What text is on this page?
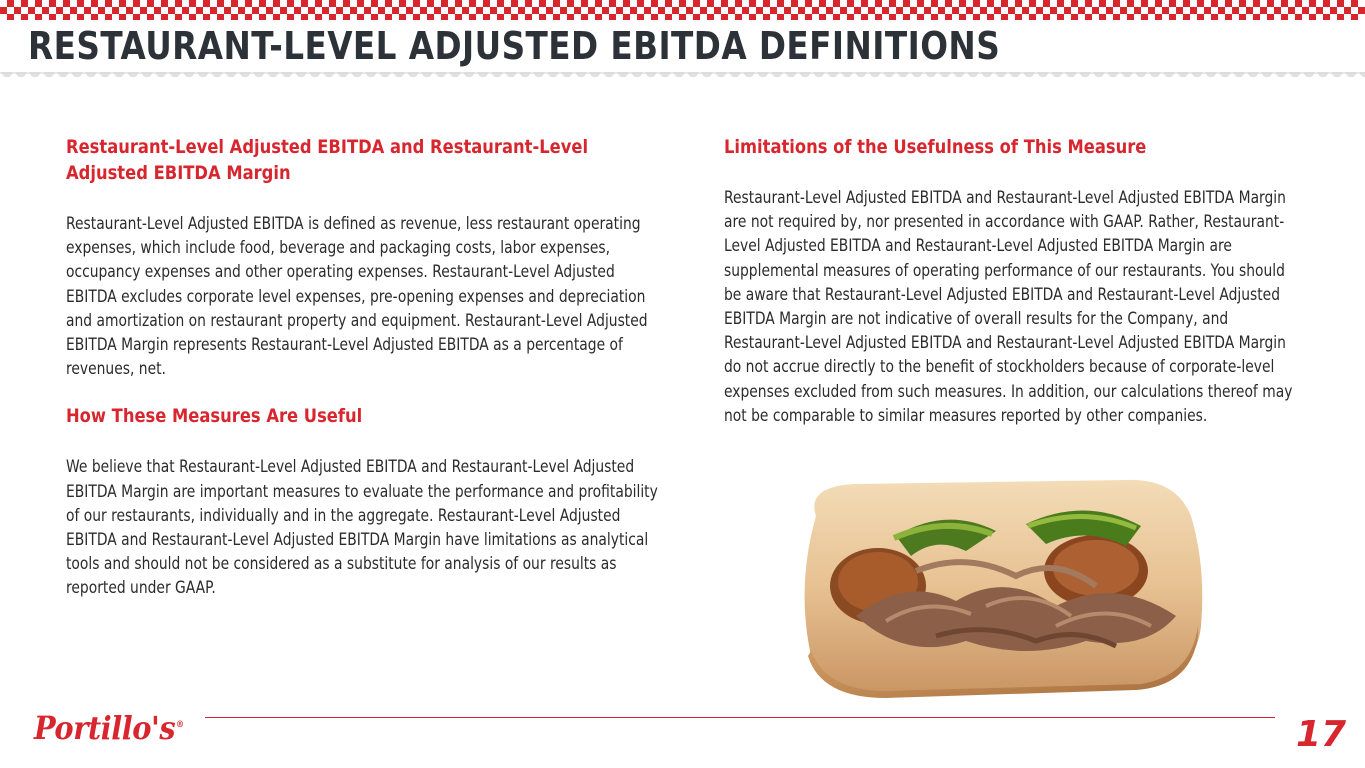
RESTAURANT-LEVEL ADJUSTED EBITDA DEFINITIONS
Restaurant-Level Adjusted EBITDA and Restaurant-Level Adjusted EBITDA Margin
Restaurant-Level Adjusted EBITDA is defined as revenue, less restaurant operating expenses, which include food, beverage and packaging costs, labor expenses, occupancy expenses and other operating expenses. Restaurant-Level Adjusted EBITDA excludes corporate level expenses, pre-opening expenses and depreciation and amortization on restaurant property and equipment. Restaurant-Level Adjusted EBITDA Margin represents Restaurant-Level Adjusted EBITDA as a percentage of revenues, net.
How These Measures Are Useful
We believe that Restaurant-Level Adjusted EBITDA and Restaurant-Level Adjusted EBITDA Margin are important measures to evaluate the performance and profitability of our restaurants, individually and in the aggregate. Restaurant-Level Adjusted EBITDA and Restaurant-Level Adjusted EBITDA Margin have limitations as analytical tools and should not be considered as a substitute for analysis of our results as reported under GAAP.
Limitations of the Usefulness of This Measure
Restaurant-Level Adjusted EBITDA and Restaurant-Level Adjusted EBITDA Margin are not required by, nor presented in accordance with GAAP. Rather, Restaurant-Level Adjusted EBITDA and Restaurant-Level Adjusted EBITDA Margin are supplemental measures of operating performance of our restaurants. You should be aware that Restaurant-Level Adjusted EBITDA and Restaurant-Level Adjusted EBITDA Margin are not indicative of overall results for the Company, and Restaurant-Level Adjusted EBITDA and Restaurant-Level Adjusted EBITDA Margin do not accrue directly to the benefit of stockholders because of corporate-level expenses excluded from such measures. In addition, our calculations thereof may not be comparable to similar measures reported by other companies.
Portillo's®	17
